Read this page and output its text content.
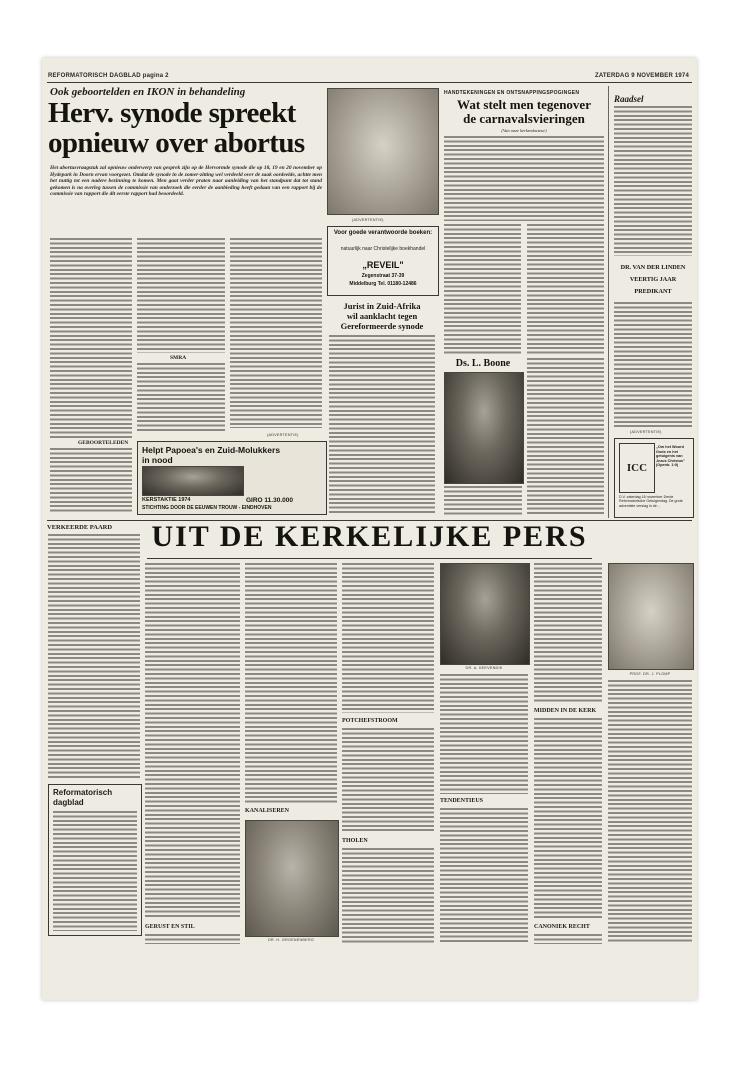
REFORMATORISCH DAGBLAD pagina 2	ZATERDAG 9 NOVEMBER 1974
Ook geboortelden en IKON in behandeling
Herv. synode spreekt
opnieuw over abortus
Het abortusvraagstuk zal opnieuw onderwerp van gesprek zijn op de Hervormde synode die op 18, 19 en 20 november op Hydepark in Doorn ervan voorgezet. Omdat de synode in de zomer-zitting wel verdeeld over de zaak oordeelde, achtte men het nuttig tot een nadere bezinning te komen. Men gaat verder praten naar aanleiding van het standpunt dat tot stand gekomen is na overleg tussen de commissie van onderzoek die eerder de aanbieding heeft gedaan van een rapport bij de commissie van rapport die dit eerste rapport had beoordeeld.
GEBOORTELEDEN
SMRA
(ADVERTENTIE)
Helpt Papoea's en Zuid-Molukkers
in nood
KERSTAKTIE 1974	GIRO 11.30.000
STICHTING DOOR DE EEUWEN TROUW - EINDHOVEN
(ADVERTENTIE)
Voor goede verantwoorde boeken:
natuurlijk naar Christelijke boekhandel
„REVEIL"
Zegenstraat 37-39
Middelburg Tel. 01180-12486
Jurist in Zuid-Afrika
wil aanklacht tegen
Gereformeerde synode
HANDTEKENINGEN EN ONTSNAPPINGSPOGINGEN
Wat stelt men tegenover
de carnavalsvieringen
(Van onze kerkredacteur)
Ds. L. Boone
Raadsel
DR. VAN DER LINDEN
VEERTIG JAAR
PREDIKANT
(ADVERTENTIE)
ICC
„Om het Woord Gods en het getuigenis van Jezus Christus" (Openb. 1:9)
D.V. zaterdag 16 november Derde Reformatorische Getuigendag. De grote adventiste verslag in de...
VERKEERDE PAARD	UIT DE KERKELIJKE PERS
Reformatorisch
dagblad
GERUST EN STIL
KANALISEREN
DR. H. GROENENBERG
POTCHEFSTROOM
THOLEN
DR. A. KEEVENDIK
TENDENTIEUS
MIDDEN IN DE KERK
CANONIEK RECHT
PROF. DR. J. PLOMP
